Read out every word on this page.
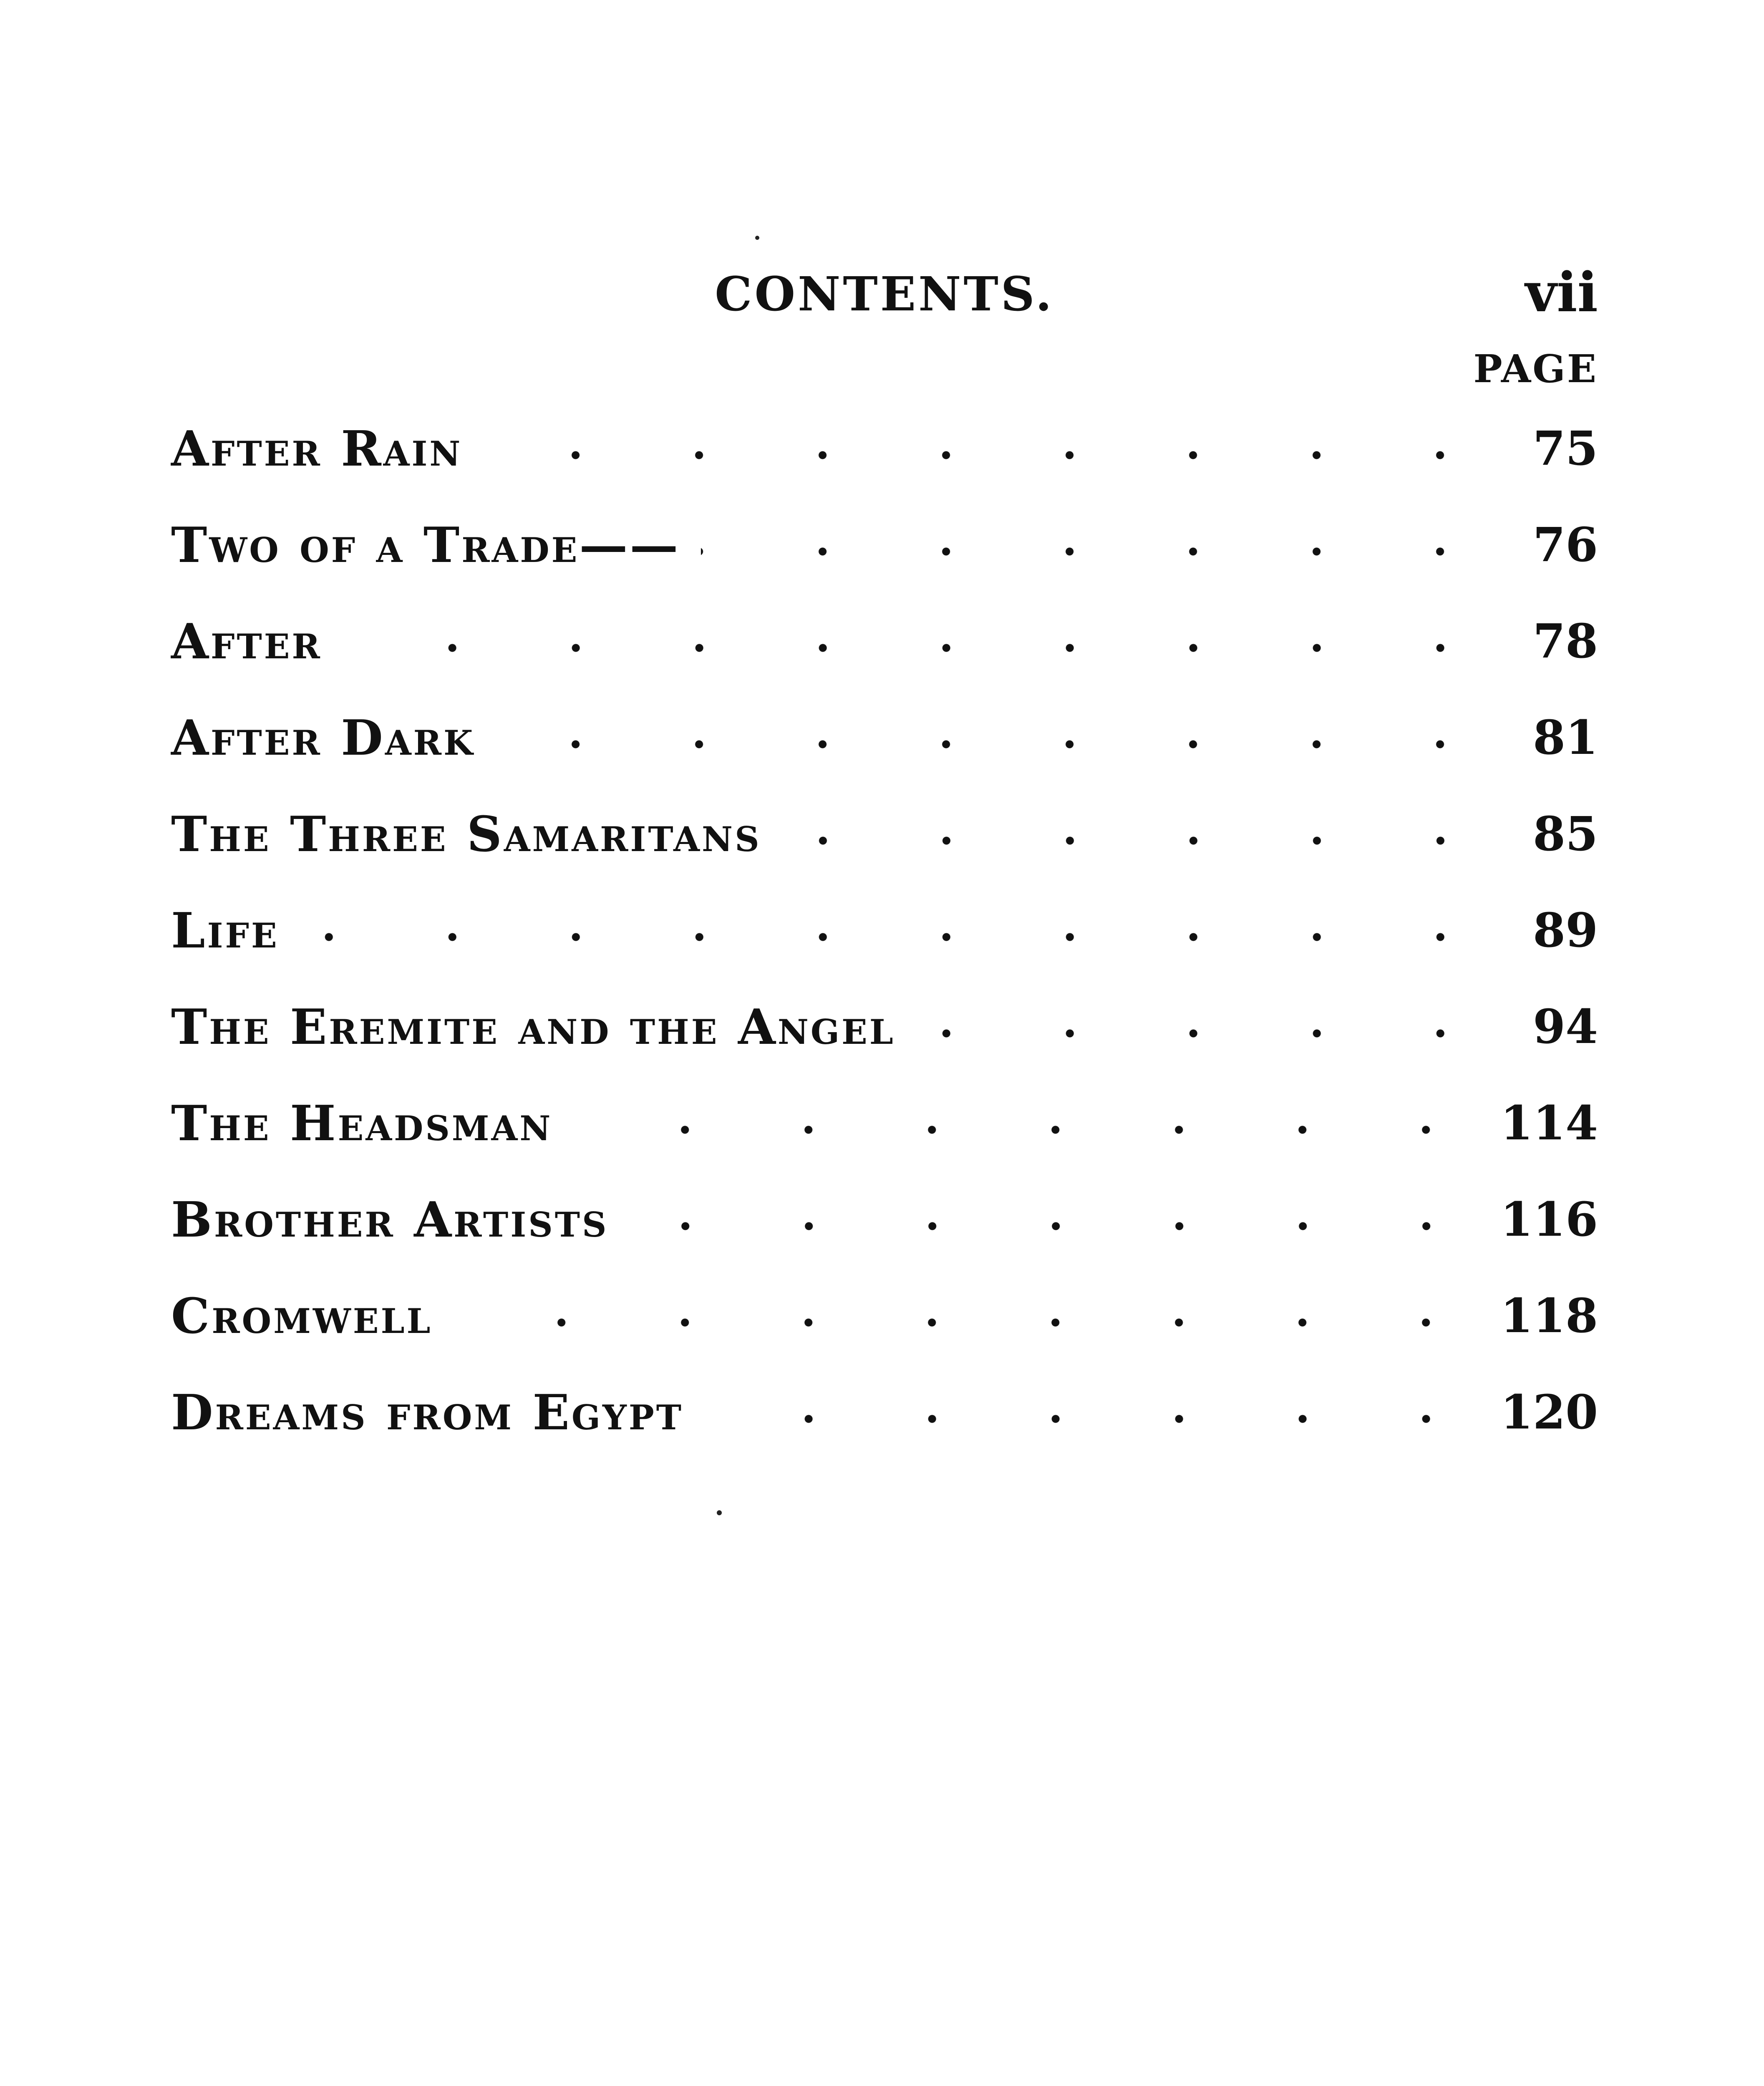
CONTENTS.	vii
PAGE
After Rain	75
Two of a Trade——	76
After	78
After Dark	81
The Three Samaritans	85
Life	89
The Eremite and the Angel	94
The Headsman	114
Brother Artists	116
Cromwell	118
Dreams from Egypt	120
